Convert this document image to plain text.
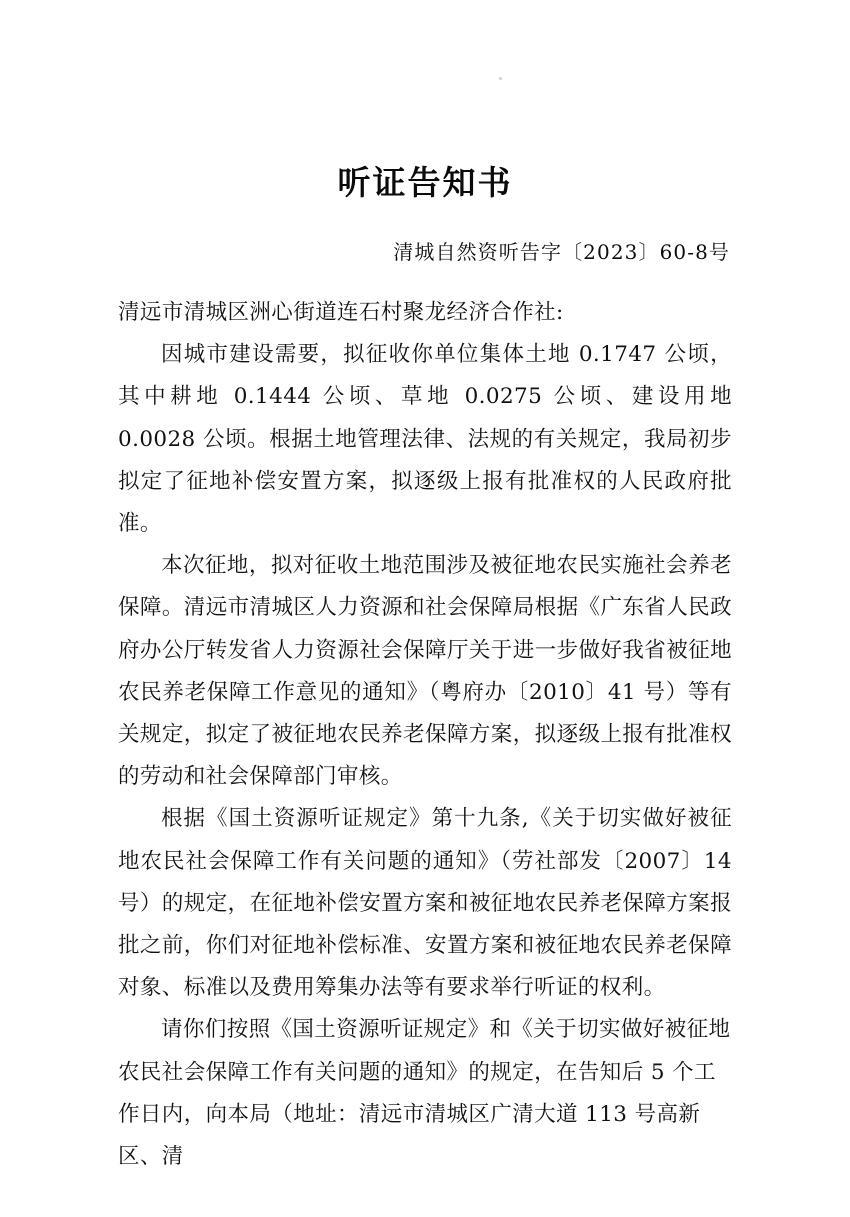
听证告知书
清城自然资听告字〔2023〕60-8号

清远市清城区洲心街道连石村聚龙经济合作社:

因城市建设需要，拟征收你单位集体土地 0.1747 公顷，其中耕地 0.1444 公顷、草地 0.0275 公顷、建设用地 0.0028 公顷。根据土地管理法律、法规的有关规定，我局初步拟定了征地补偿安置方案，拟逐级上报有批准权的人民政府批准。

本次征地，拟对征收土地范围涉及被征地农民实施社会养老保障。清远市清城区人力资源和社会保障局根据《广东省人民政府办公厅转发省人力资源社会保障厅关于进一步做好我省被征地农民养老保障工作意见的通知》（粤府办〔2010〕41 号）等有关规定，拟定了被征地农民养老保障方案，拟逐级上报有批准权的劳动和社会保障部门审核。

根据《国土资源听证规定》第十九条,《关于切实做好被征地农民社会保障工作有关问题的通知》（劳社部发〔2007〕14 号）的规定，在征地补偿安置方案和被征地农民养老保障方案报批之前，你们对征地补偿标准、安置方案和被征地农民养老保障对象、标准以及费用筹集办法等有要求举行听证的权利。

请你们按照《国土资源听证规定》和《关于切实做好被征地农民社会保障工作有关问题的通知》的规定，在告知后 5 个工作日内，向本局（地址：清远市清城区广清大道 113 号高新区、清
